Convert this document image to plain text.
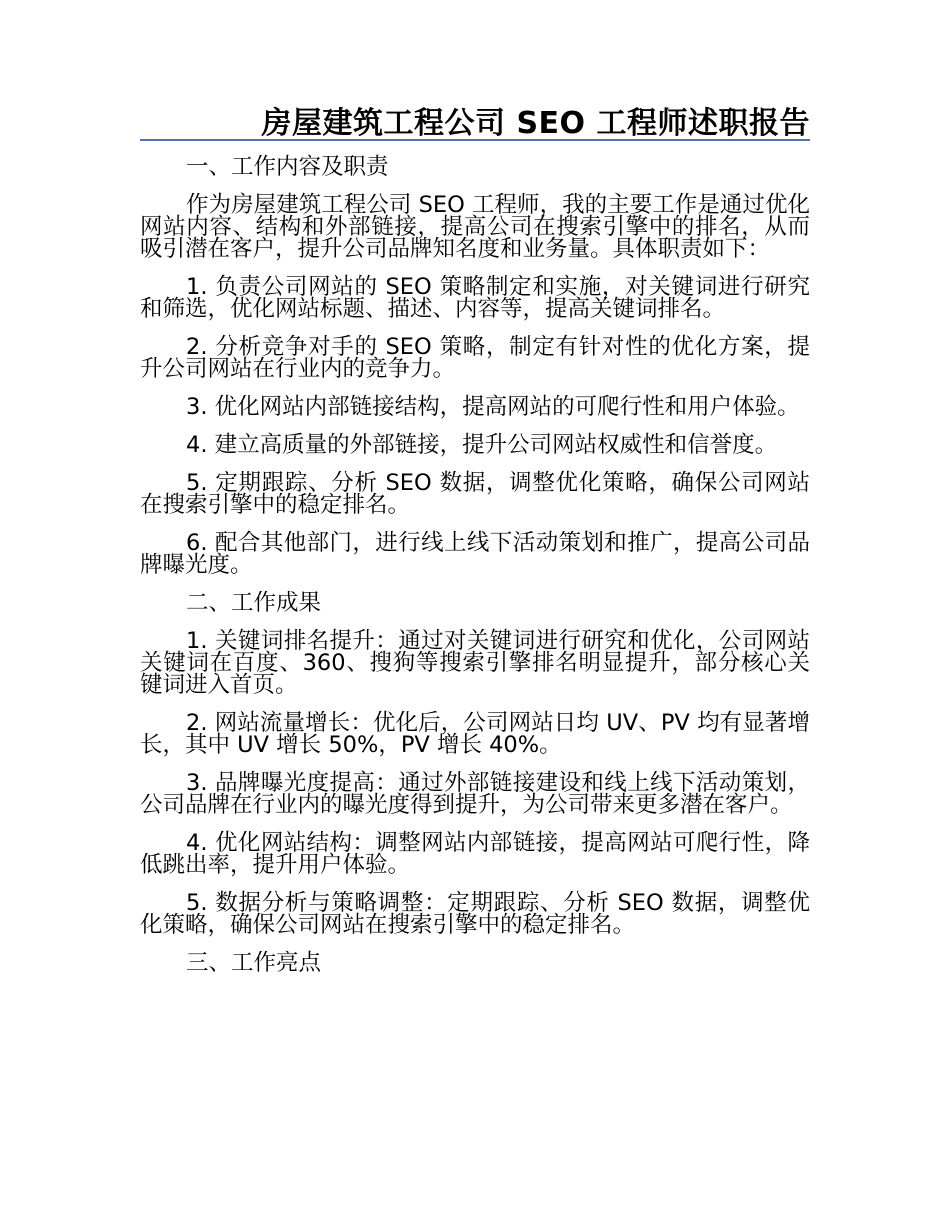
房屋建筑工程公司 SEO 工程师述职报告

一、工作内容及职责

作为房屋建筑工程公司 SEO 工程师，我的主要工作是通过优化网站内容、结构和外部链接，提高公司在搜索引擎中的排名，从而吸引潜在客户，提升公司品牌知名度和业务量。具体职责如下：

1. 负责公司网站的 SEO 策略制定和实施，对关键词进行研究和筛选，优化网站标题、描述、内容等，提高关键词排名。

2. 分析竞争对手的 SEO 策略，制定有针对性的优化方案，提升公司网站在行业内的竞争力。

3. 优化网站内部链接结构，提高网站的可爬行性和用户体验。

4. 建立高质量的外部链接，提升公司网站权威性和信誉度。

5. 定期跟踪、分析 SEO 数据，调整优化策略，确保公司网站在搜索引擎中的稳定排名。

6. 配合其他部门，进行线上线下活动策划和推广，提高公司品牌曝光度。

二、工作成果

1. 关键词排名提升：通过对关键词进行研究和优化，公司网站关键词在百度、360、搜狗等搜索引擎排名明显提升，部分核心关键词进入首页。

2. 网站流量增长：优化后，公司网站日均 UV、PV 均有显著增长，其中 UV 增长 50%，PV 增长 40%。

3. 品牌曝光度提高：通过外部链接建设和线上线下活动策划，公司品牌在行业内的曝光度得到提升，为公司带来更多潜在客户。

4. 优化网站结构：调整网站内部链接，提高网站可爬行性，降低跳出率，提升用户体验。

5. 数据分析与策略调整：定期跟踪、分析 SEO 数据，调整优化策略，确保公司网站在搜索引擎中的稳定排名。

三、工作亮点
